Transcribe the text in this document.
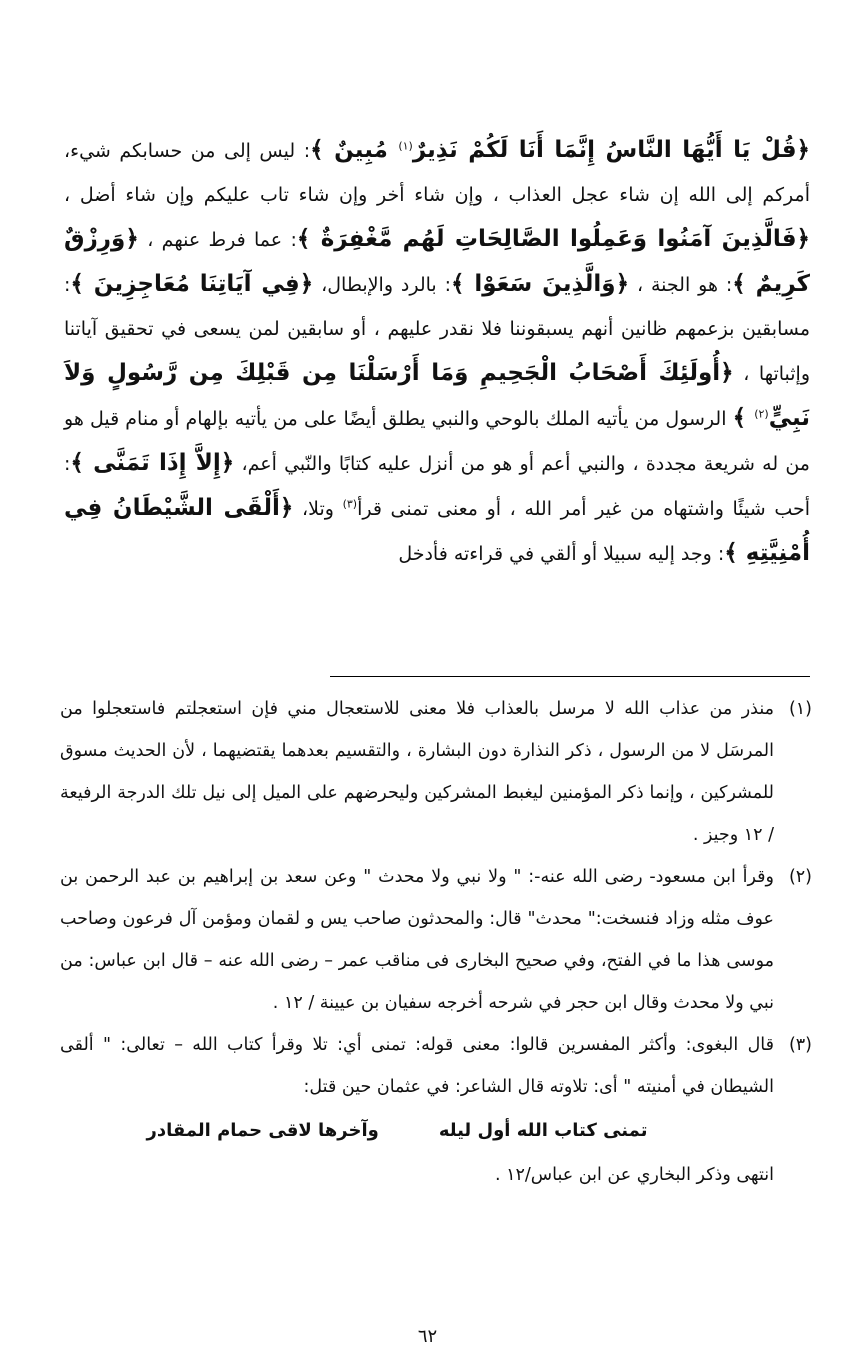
﴿قُلْ يَا أَيُّهَا النَّاسُ إِنَّمَا أَنَا لَكُمْ نَذِيرٌ$^{(١)}$ مُبِينٌ ﴾: ليس إلى من حسابكم شيء، أمركم إلى الله إن شاء عجل العذاب ، وإن شاء أخر وإن شاء تاب عليكم وإن شاء أضل ، ﴿فَالَّذِينَ آمَنُوا وَعَمِلُوا الصَّالِحَاتِ لَهُم مَّغْفِرَةٌ ﴾: عما فرط عنهم ، ﴿وَرِزْقٌ كَرِيمٌ ﴾: هو الجنة ، ﴿وَالَّذِينَ سَعَوْا ﴾: بالرد والإبطال، ﴿فِي آيَاتِنَا مُعَاجِزِينَ ﴾: مسابقين بزعمهم ظانين أنهم يسبقوننا فلا نقدر عليهم ، أو سابقين لمن يسعى في تحقيق آياتنا وإثباتها ، ﴿أُولَئِكَ أَصْحَابُ الْجَحِيمِ وَمَا أَرْسَلْنَا مِن قَبْلِكَ مِن رَّسُولٍ وَلاَ نَبِيٍّ$^{(٢)}$ ﴾ الرسول من يأتيه الملك بالوحي والنبي يطلق أيضًا على من يأتيه بإلهام أو منام قيل هو من له شريعة مجددة ، والنبي أعم أو هو من أنزل عليه كتابًا والنّبي أعم، ﴿إِلاَّ إِذَا تَمَنَّى ﴾: أحب شيئًا واشتهاه من غير أمر الله ، أو معنى تمنى قرأ$^{(٣)}$ وتلا، ﴿أَلْقَى الشَّيْطَانُ فِي أُمْنِيَّتِهِ ﴾: وجد إليه سبيلا أو ألقي في قراءته فأدخل

(١)
منذر من عذاب الله لا مرسل بالعذاب فلا معنى للاستعجال مني فإن استعجلتم فاستعجلوا من المرسَل لا من الرسول ، ذكر النذارة دون البشارة ، والتقسيم بعدهما يقتضيهما ، لأن الحديث مسوق للمشركين ، وإنما ذكر المؤمنين ليغبط المشركين وليحرضهم على الميل إلى نيل تلك الدرجة الرفيعة / ١٢ وجيز .
(٢)
وقرأ ابن مسعود- رضى الله عنه-: " ولا نبي ولا محدث " وعن سعد بن إبراهيم بن عبد الرحمن بن عوف مثله وزاد فنسخت:" محدث" قال: والمحدثون صاحب يس و لقمان ومؤمن آل فرعون وصاحب موسى هذا ما في الفتح، وفي صحيح البخارى فى مناقب عمر – رضى الله عنه – قال ابن عباس: من نبي ولا محدث وقال ابن حجر في شرحه أخرجه سفيان بن عيينة / ١٢ .
(٣)
قال البغوى: وأكثر المفسرين قالوا: معنى قوله: تمنى أي: تلا وقرأ كتاب الله – تعالى: " ألقى الشيطان في أمنيته " أى: تلاوته قال الشاعر: في عثمان حين قتل:
تمنى كتاب الله أول ليله
وآخرها لاقى حمام المقادر
انتهى وذكر البخاري عن ابن عباس/١٢ .
٦٢
